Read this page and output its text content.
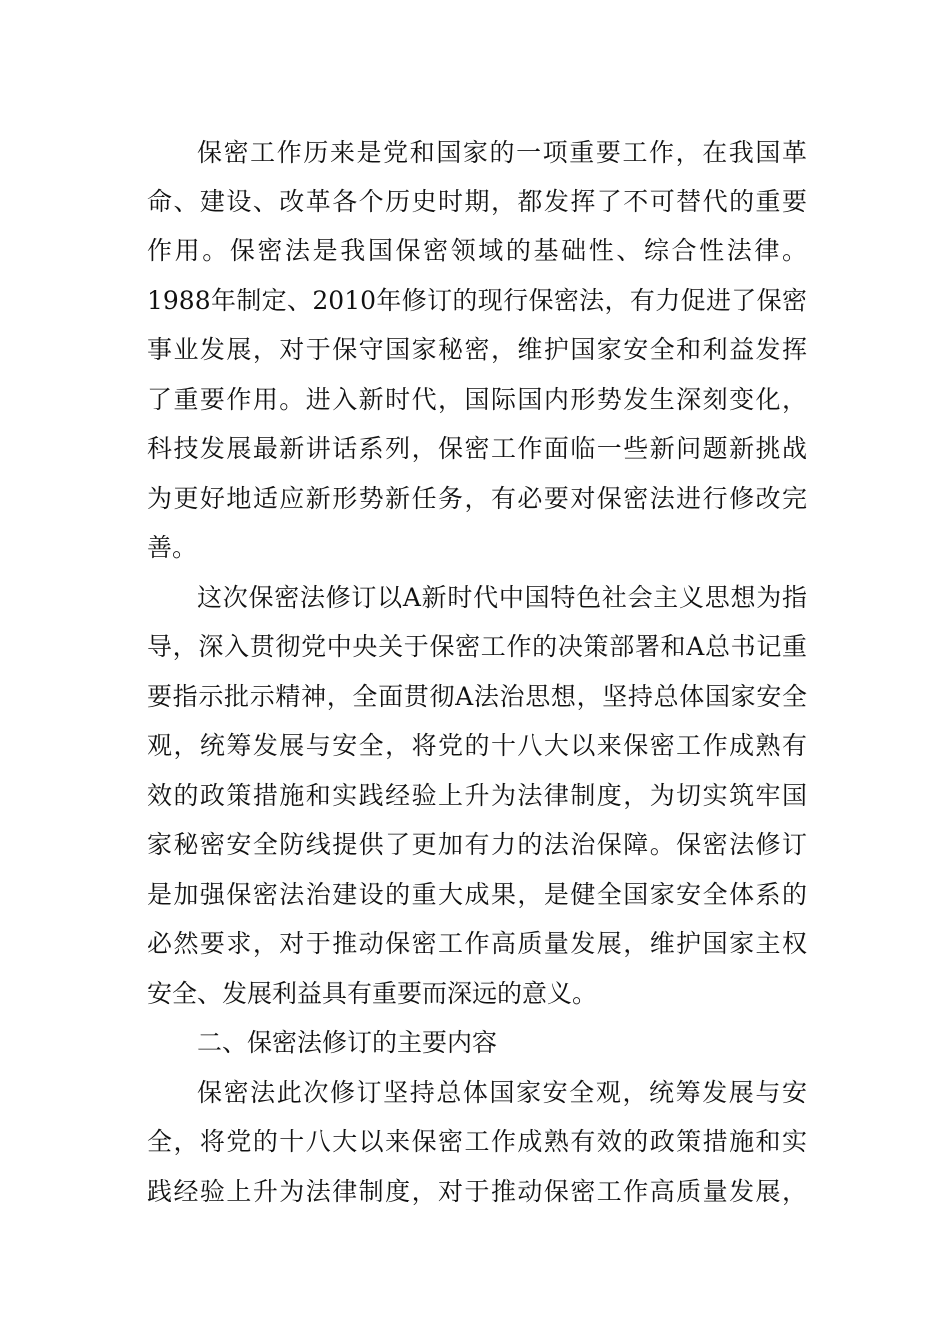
保密工作历来是党和国家的一项重要工作，在我国革
命、建设、改革各个历史时期，都发挥了不可替代的重要
作用。保密法是我国保密领域的基础性、综合性法律。
1988年制定、2010年修订的现行保密法，有力促进了保密
事业发展，对于保守国家秘密，维护国家安全和利益发挥
了重要作用。进入新时代，国际国内形势发生深刻变化，
科技发展最新讲话系列，保密工作面临一些新问题新挑战
为更好地适应新形势新任务，有必要对保密法进行修改完
善。
这次保密法修订以A新时代中国特色社会主义思想为指
导，深入贯彻党中央关于保密工作的决策部署和A总书记重
要指示批示精神，全面贯彻A法治思想，坚持总体国家安全
观，统筹发展与安全，将党的十八大以来保密工作成熟有
效的政策措施和实践经验上升为法律制度，为切实筑牢国
家秘密安全防线提供了更加有力的法治保障。保密法修订
是加强保密法治建设的重大成果，是健全国家安全体系的
必然要求，对于推动保密工作高质量发展，维护国家主权
安全、发展利益具有重要而深远的意义。
二、保密法修订的主要内容
保密法此次修订坚持总体国家安全观，统筹发展与安
全，将党的十八大以来保密工作成熟有效的政策措施和实
践经验上升为法律制度，对于推动保密工作高质量发展，
